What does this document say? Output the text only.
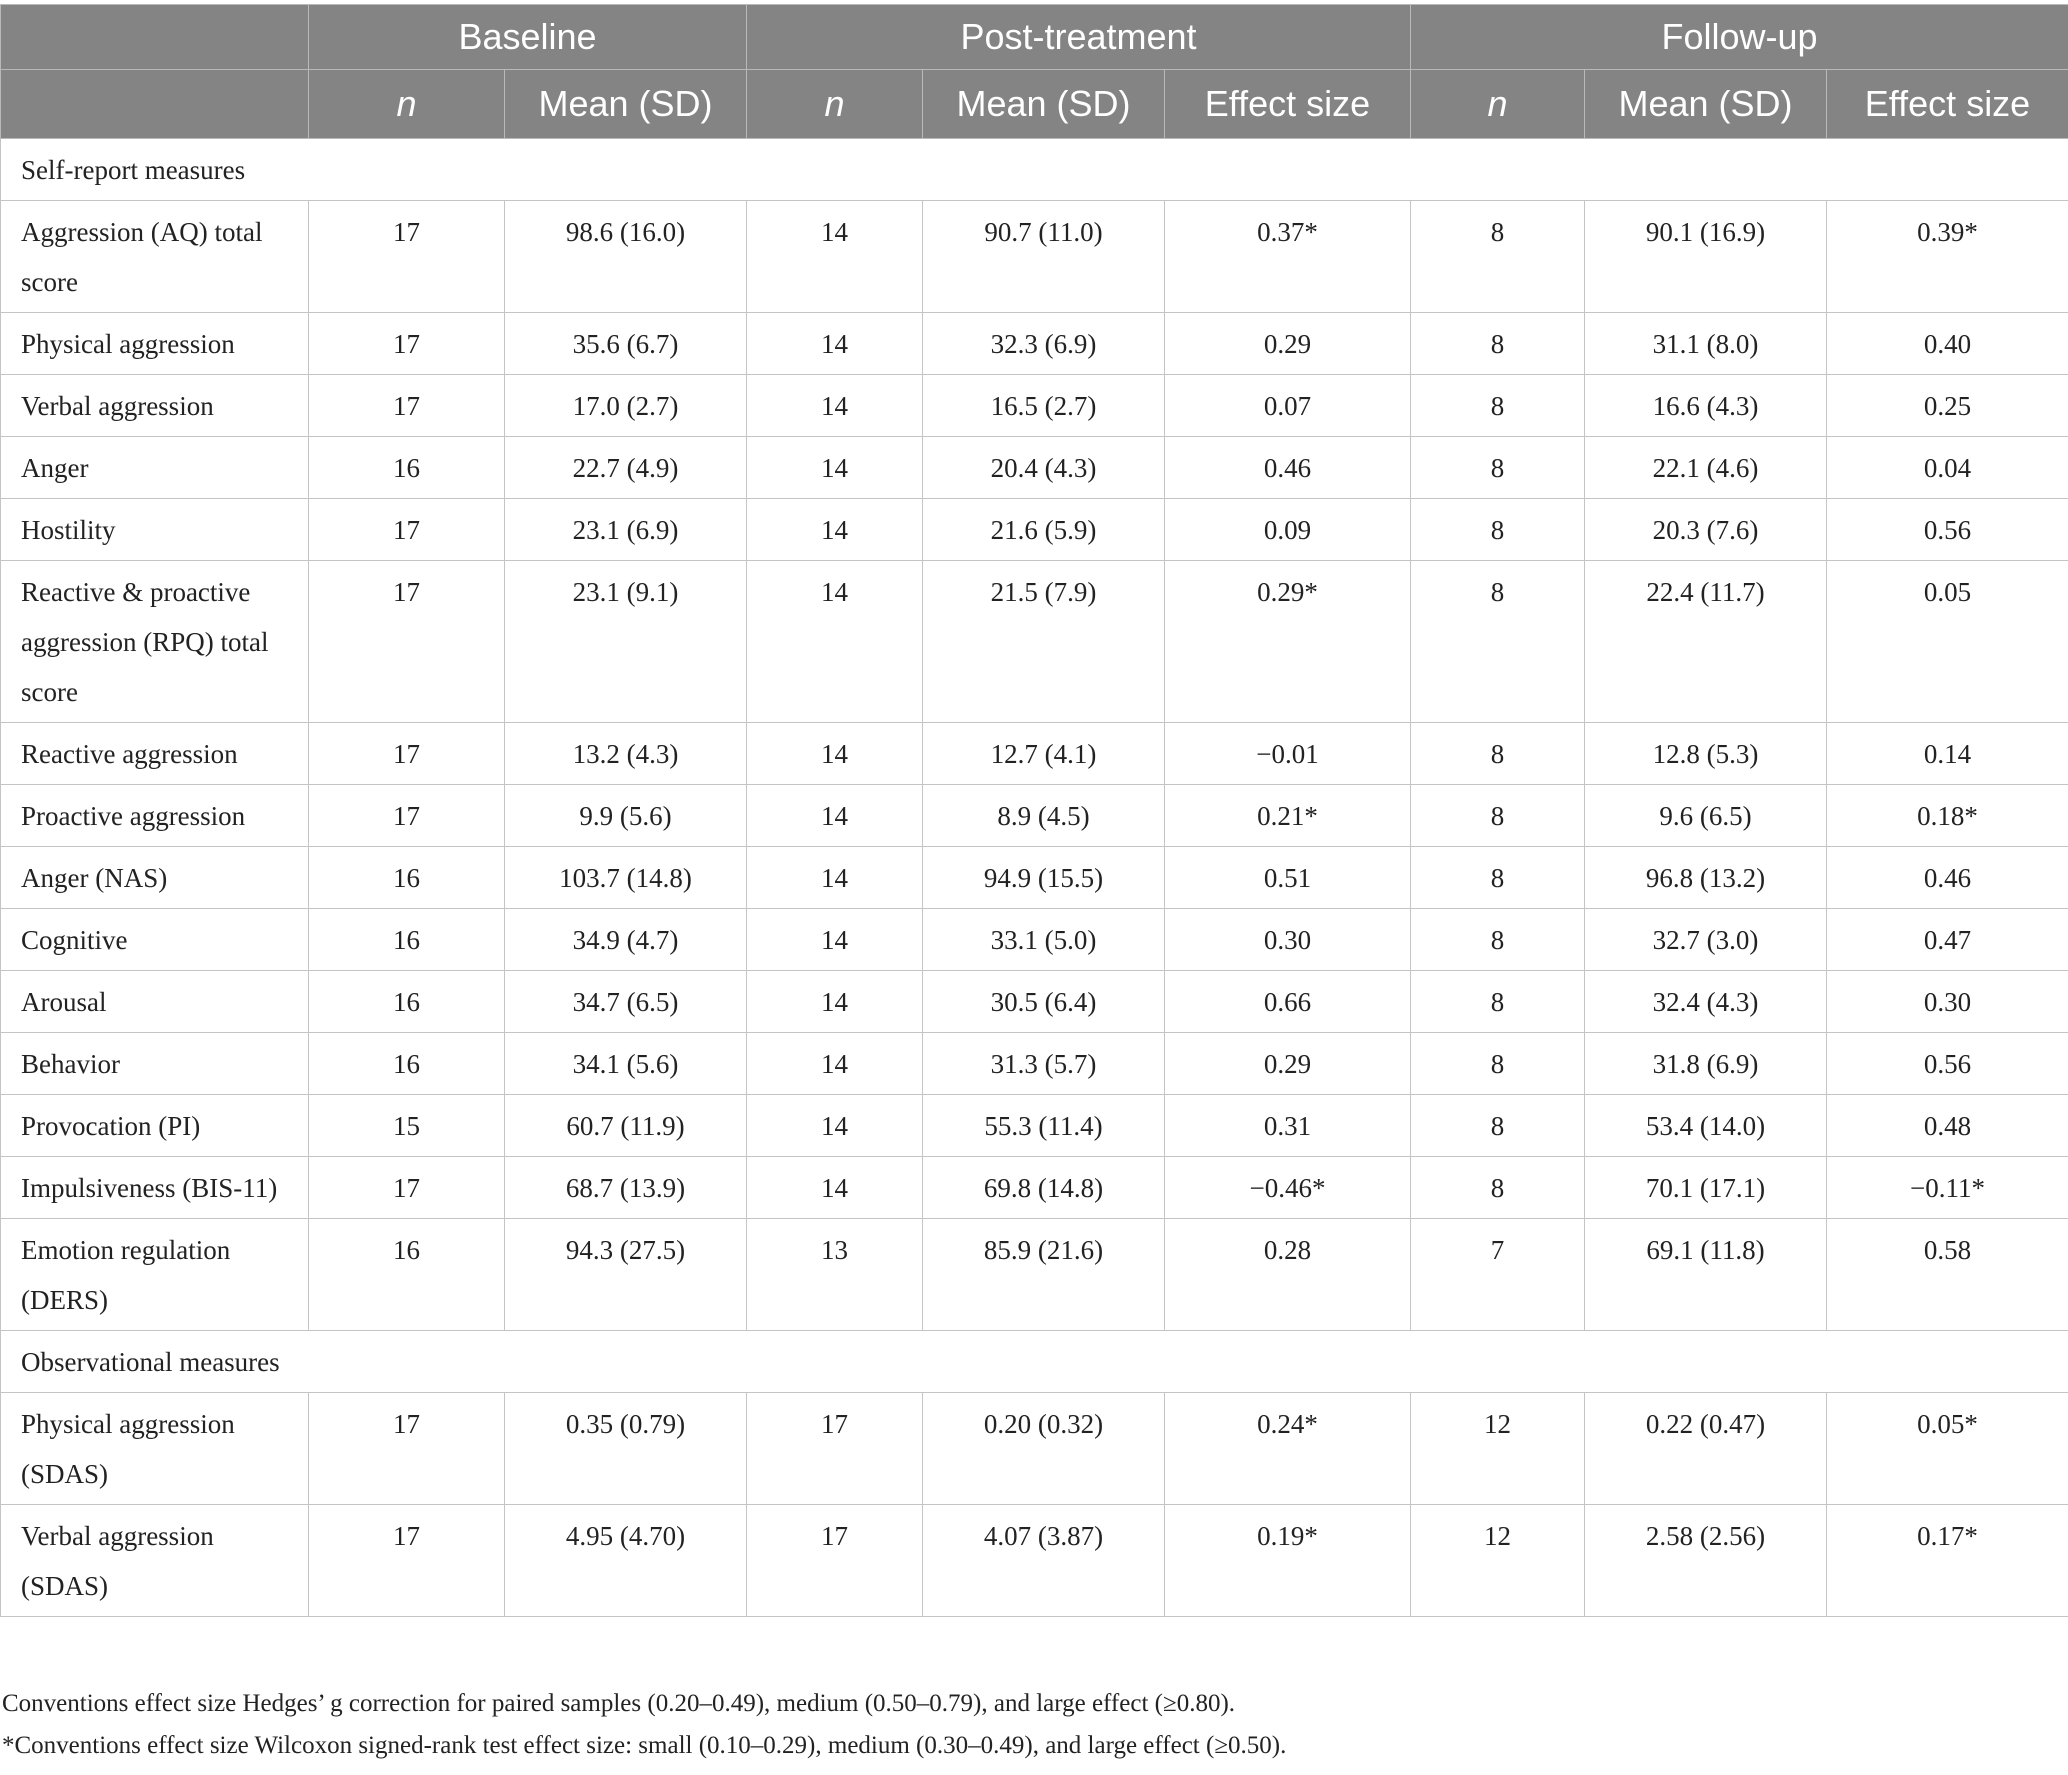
	Baseline		Post-treatment			Follow-up		
	n	Mean (SD)	n	Mean (SD)	Effect size	n	Mean (SD)	Effect size
Self-report measures								
Aggression (AQ) total score	17	98.6 (16.0)	14	90.7 (11.0)	0.37*	8	90.1 (16.9)	0.39*
Physical aggression	17	35.6 (6.7)	14	32.3 (6.9)	0.29	8	31.1 (8.0)	0.40
Verbal aggression	17	17.0 (2.7)	14	16.5 (2.7)	0.07	8	16.6 (4.3)	0.25
Anger	16	22.7 (4.9)	14	20.4 (4.3)	0.46	8	22.1 (4.6)	0.04
Hostility	17	23.1 (6.9)	14	21.6 (5.9)	0.09	8	20.3 (7.6)	0.56
Reactive & proactive aggression (RPQ) total score	17	23.1 (9.1)	14	21.5 (7.9)	0.29*	8	22.4 (11.7)	0.05
Reactive aggression	17	13.2 (4.3)	14	12.7 (4.1)	−0.01	8	12.8 (5.3)	0.14
Proactive aggression	17	9.9 (5.6)	14	8.9 (4.5)	0.21*	8	9.6 (6.5)	0.18*
Anger (NAS)	16	103.7 (14.8)	14	94.9 (15.5)	0.51	8	96.8 (13.2)	0.46
Cognitive	16	34.9 (4.7)	14	33.1 (5.0)	0.30	8	32.7 (3.0)	0.47
Arousal	16	34.7 (6.5)	14	30.5 (6.4)	0.66	8	32.4 (4.3)	0.30
Behavior	16	34.1 (5.6)	14	31.3 (5.7)	0.29	8	31.8 (6.9)	0.56
Provocation (PI)	15	60.7 (11.9)	14	55.3 (11.4)	0.31	8	53.4 (14.0)	0.48
Impulsiveness (BIS-11)	17	68.7 (13.9)	14	69.8 (14.8)	−0.46*	8	70.1 (17.1)	−0.11*
Emotion regulation (DERS)	16	94.3 (27.5)	13	85.9 (21.6)	0.28	7	69.1 (11.8)	0.58
Observational measures								
Physical aggression (SDAS)	17	0.35 (0.79)	17	0.20 (0.32)	0.24*	12	0.22 (0.47)	0.05*
Verbal aggression (SDAS)	17	4.95 (4.70)	17	4.07 (3.87)	0.19*	12	2.58 (2.56)	0.17*

Conventions effect size Hedges’ g correction for paired samples (0.20–0.49), medium (0.50–0.79), and large effect (≥0.80).

*Conventions effect size Wilcoxon signed-rank test effect size: small (0.10–0.29), medium (0.30–0.49), and large effect (≥0.50).
